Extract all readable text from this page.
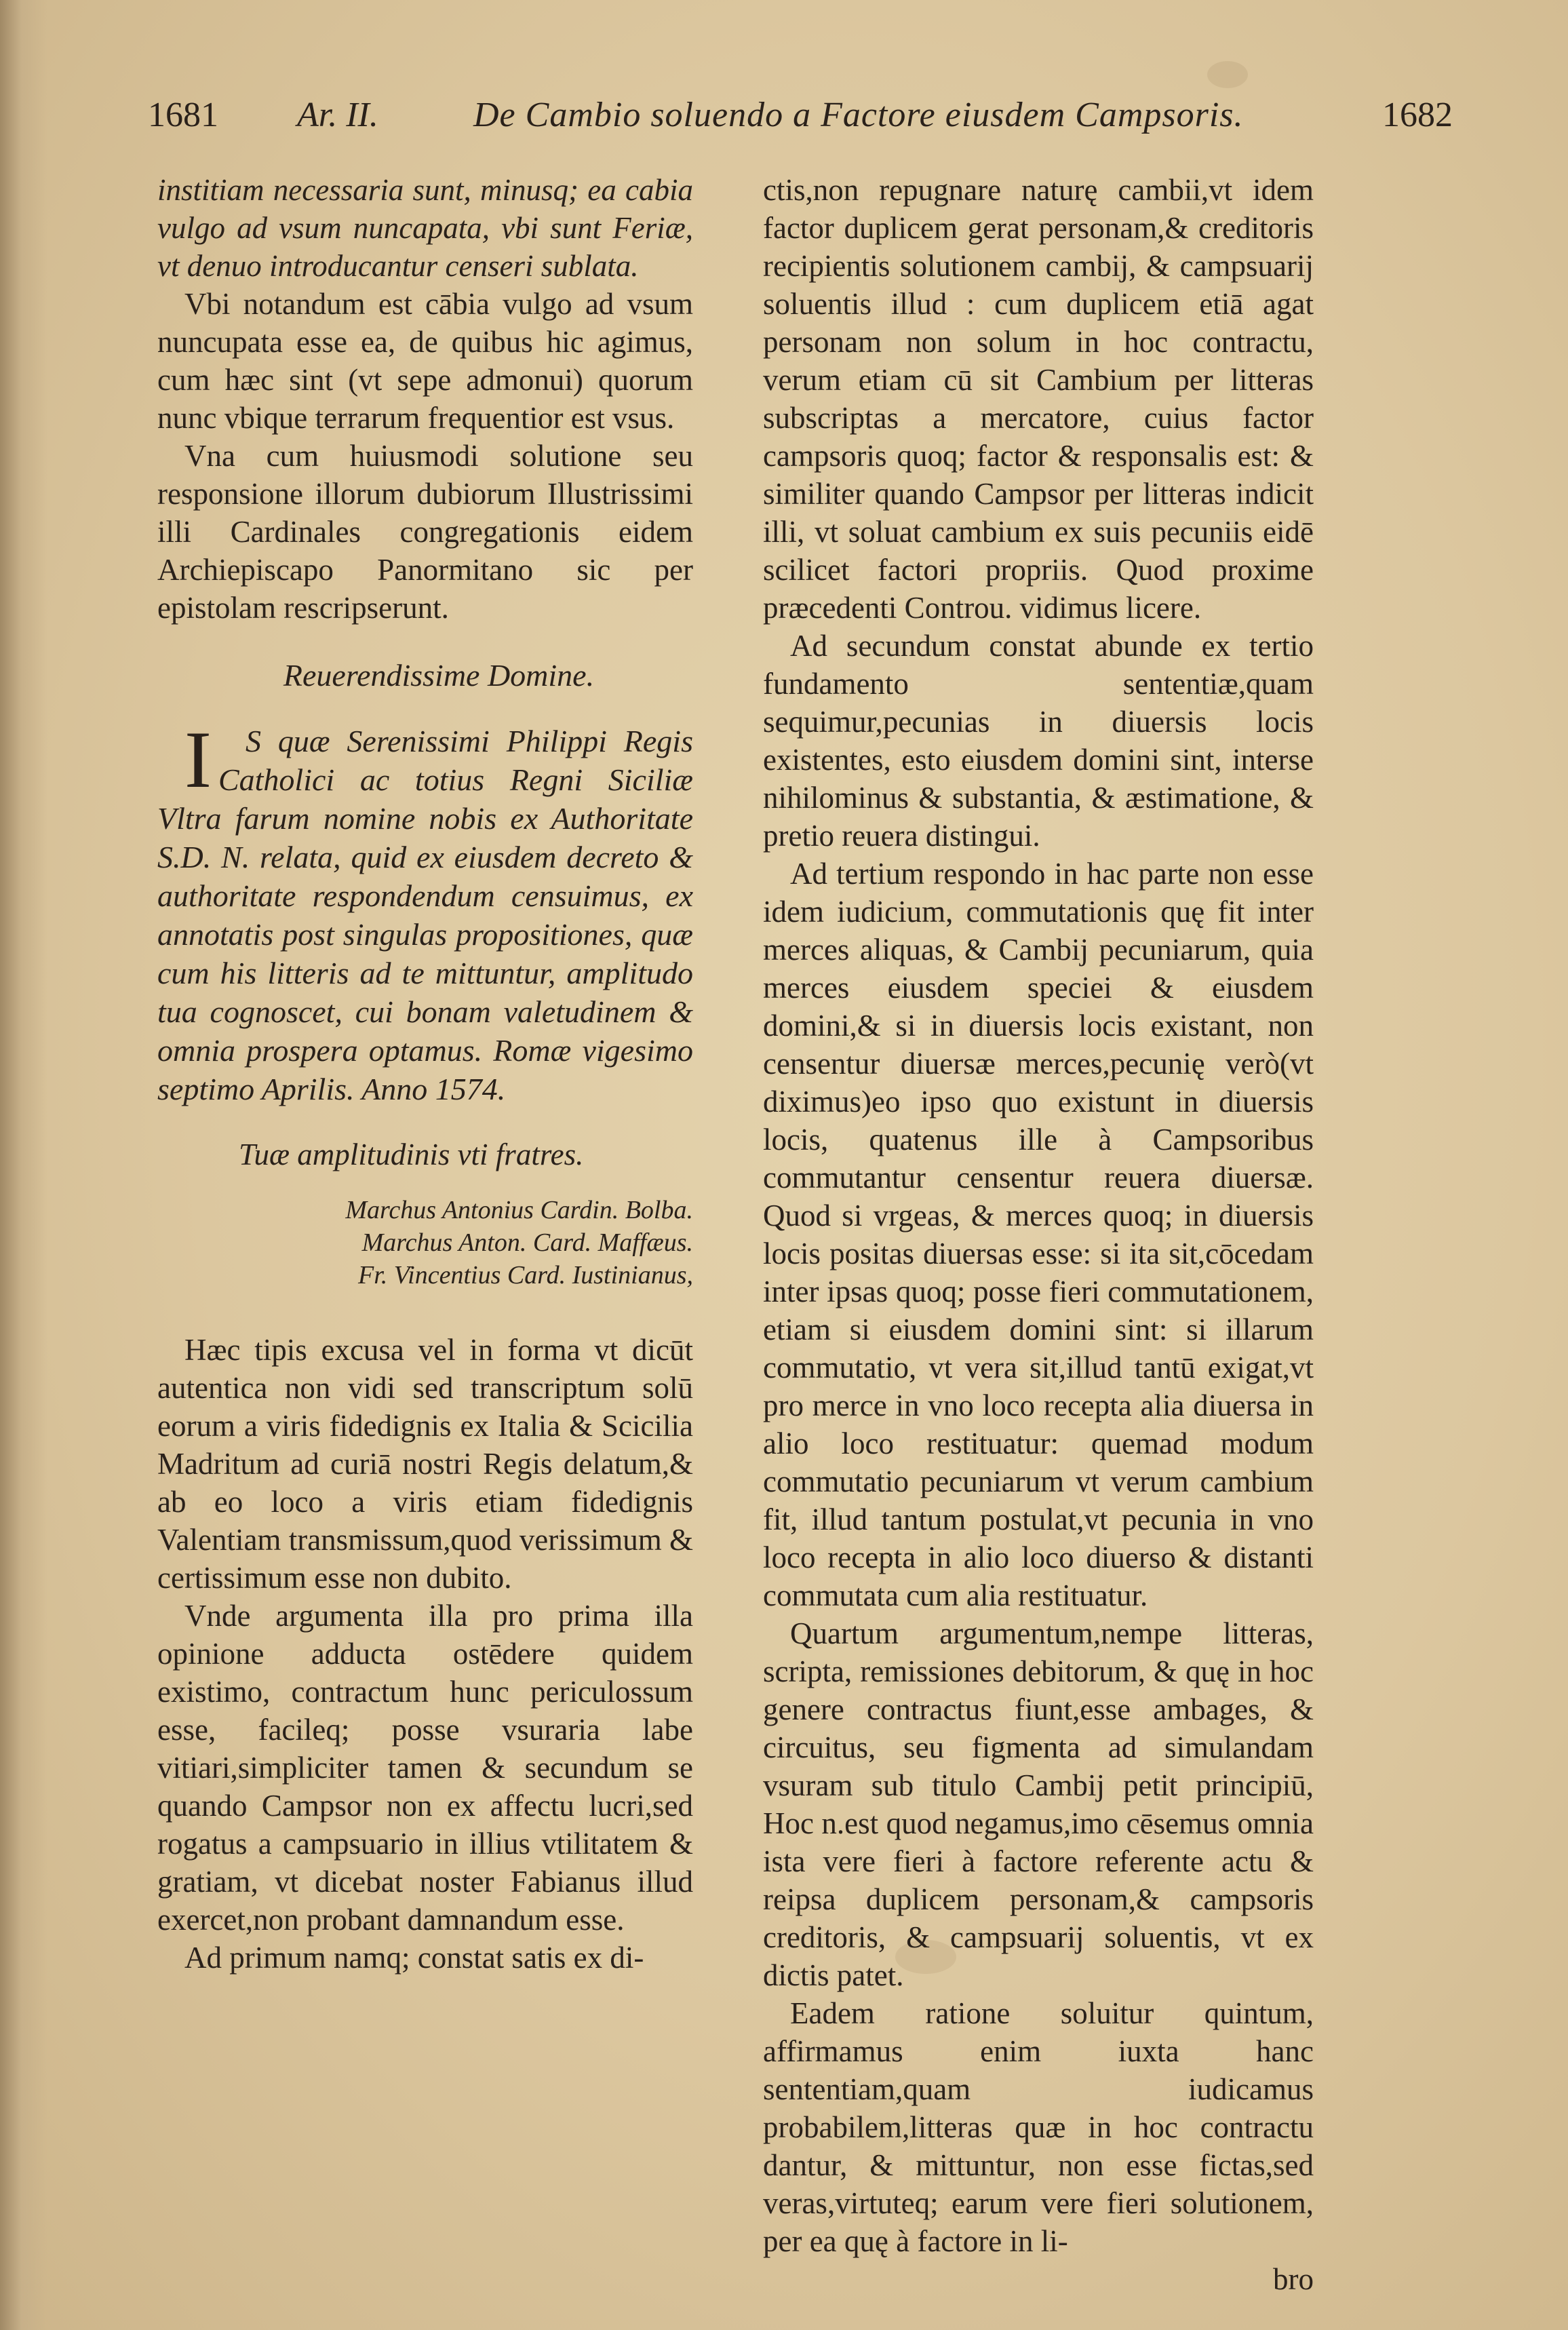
1681 Ar. II.	De Cambio soluendo a Factore eiusdem Campsoris.	1682

institiam necessaria sunt, minusq; ea cabia vulgo ad vsum nuncapata, vbi sunt Feriæ, vt denuo introducantur censeri sublata.

Vbi notandum est cābia vulgo ad vsum nuncupata esse ea, de quibus hic agimus, cum hæc sint (vt sepe admonui) quorum nunc vbique terrarum frequentior est vsus.

Vna cum huiusmodi solutione seu responsione illorum dubiorum Illustrissimi illi Cardinales congregationis eidem Archiepiscapo Panormitano sic per epistolam rescripserunt.

Reuerendissime Domine.

I S quæ Serenissimi Philippi Regis Catholici ac totius Regni Siciliæ Vltra farum nomine nobis ex Authoritate S.D. N. relata, quid ex eiusdem decreto & authoritate respondendum censuimus, ex annotatis post singulas propositiones, quæ cum his litteris ad te mittuntur, amplitudo tua cognoscet, cui bonam valetudinem & omnia prospera optamus. Romæ vigesimo septimo Aprilis. Anno 1574.

Tuæ amplitudinis vti fratres.

Marchus Antonius Cardin. Bolba.
Marchus Anton. Card. Maffæus.
Fr. Vincentius Card. Iustinianus,

Hæc tipis excusa vel in forma vt dicūt autentica non vidi sed transcriptum solū eorum a viris fidedignis ex Italia & Scicilia Madritum ad curiā nostri Regis delatum,& ab eo loco a viris etiam fidedignis Valentiam transmissum,quod verissimum & certissimum esse non dubito.

Vnde argumenta illa pro prima illa opinione adducta ostēdere quidem existimo, contractum hunc periculossum esse, facileq; posse vsuraria labe vitiari,simpliciter tamen & secundum se quando Campsor non ex affectu lucri,sed rogatus a campsuario in illius vtilitatem & gratiam, vt dicebat noster Fabianus illud exercet,non probant damnandum esse.

Ad primum namq; constat satis ex di-

ctis,non repugnare naturę cambii,vt idem factor duplicem gerat personam,& creditoris recipientis solutionem cambij, & campsuarij soluentis illud : cum duplicem etiā agat personam non solum in hoc contractu, verum etiam cū sit Cambium per litteras subscriptas a mercatore, cuius factor campsoris quoq; factor & responsalis est: & similiter quando Campsor per litteras indicit illi, vt soluat cambium ex suis pecuniis eidē scilicet factori propriis. Quod proxime præcedenti Controu. vidimus licere.

Ad secundum constat abunde ex tertio fundamento sententiæ,quam sequimur,pecunias in diuersis locis existentes, esto eiusdem domini sint, interse nihilominus & substantia, & æstimatione, & pretio reuera distingui.

Ad tertium respondo in hac parte non esse idem iudicium, commutationis quę fit inter merces aliquas, & Cambij pecuniarum, quia merces eiusdem speciei & eiusdem domini,& si in diuersis locis existant, non censentur diuersæ merces,pecunię verò(vt diximus)eo ipso quo existunt in diuersis locis, quatenus ille à Campsoribus commutantur censentur reuera diuersæ. Quod si vrgeas, & merces quoq; in diuersis locis positas diuersas esse: si ita sit,cōcedam inter ipsas quoq; posse fieri commutationem, etiam si eiusdem domini sint: si illarum commutatio, vt vera sit,illud tantū exigat,vt pro merce in vno loco recepta alia diuersa in alio loco restituatur: quemad modum commutatio pecuniarum vt verum cambium fit, illud tantum postulat,vt pecunia in vno loco recepta in alio loco diuerso & distanti commutata cum alia restituatur.

Quartum argumentum,nempe litteras, scripta, remissiones debitorum, & quę in hoc genere contractus fiunt,esse ambages, & circuitus, seu figmenta ad simulandam vsuram sub titulo Cambij petit principiū, Hoc n.est quod negamus,imo cēsemus omnia ista vere fieri à factore referente actu & reipsa duplicem personam,& campsoris creditoris, & campsuarij soluentis, vt ex dictis patet.

Eadem ratione soluitur quintum, affirmamus enim iuxta hanc sententiam,quam iudicamus probabilem,litteras quæ in hoc contractu dantur, & mittuntur, non esse fictas,sed veras,virtuteq; earum vere fieri solutionem, per ea quę à factore in li-

bro
